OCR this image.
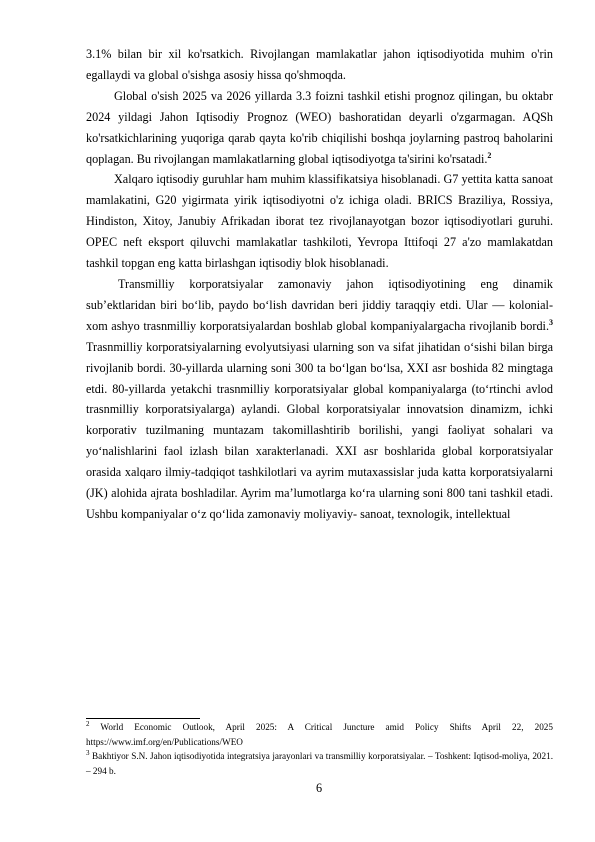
3.1% bilan bir xil ko'rsatkich. Rivojlangan mamlakatlar jahon iqtisodiyotida muhim o'rin egallaydi va global o'sishga asosiy hissa qo'shmoqda.

Global o'sish 2025 va 2026 yillarda 3.3 foizni tashkil etishi prognoz qilingan, bu oktabr 2024 yildagi Jahon Iqtisodiy Prognoz (WEO) bashoratidan deyarli o'zgarmagan. AQSh ko'rsatkichlarining yuqoriga qarab qayta ko'rib chiqilishi boshqa joylarning pastroq baholarini qoplagan. Bu rivojlangan mamlakatlarning global iqtisodiyotga ta'sirini ko'rsatadi.$^2$

Xalqaro iqtisodiy guruhlar ham muhim klassifikatsiya hisoblanadi. G7 yettita katta sanoat mamlakatini, G20 yigirmata yirik iqtisodiyotni o'z ichiga oladi. BRICS Braziliya, Rossiya, Hindiston, Xitoy, Janubiy Afrikadan iborat tez rivojlanayotgan bozor iqtisodiyotlari guruhi. OPEC neft eksport qiluvchi mamlakatlar tashkiloti, Yevropa Ittifoqi 27 a'zo mamlakatdan tashkil topgan eng katta birlashgan iqtisodiy blok hisoblanadi.

Transmilliy korporatsiyalar zamonaviy jahon iqtisodiyotining eng dinamik sub’ektlaridan biri bo‘lib, paydo bo‘lish davridan beri jiddiy taraqqiy etdi. Ular — kolonial-xom ashyo trasnmilliy korporatsiyalardan boshlab global kompaniyalargacha rivojlanib bordi.$^3$ Trasnmilliy korporatsiyalarning evolyutsiyasi ularning son va sifat jihatidan o‘sishi bilan birga rivojlanib bordi. 30-yillarda ularning soni 300 ta bo‘lgan bo‘lsa, XXI asr boshida 82 mingtaga etdi. 80-yillarda yetakchi trasnmilliy korporatsiyalar global kompaniyalarga (to‘rtinchi avlod trasnmilliy korporatsiyalarga) aylandi. Global korporatsiyalar innovatsion dinamizm, ichki korporativ tuzilmaning muntazam takomillashtirib borilishi, yangi faoliyat sohalari va yo‘nalishlarini faol izlash bilan xarakterlanadi. XXI asr boshlarida global korporatsiyalar orasida xalqaro ilmiy-tadqiqot tashkilotlari va ayrim mutaxassislar juda katta korporatsiyalarni (JK) alohida ajrata boshladilar. Ayrim ma’lumotlarga ko‘ra ularning soni 800 tani tashkil etadi. Ushbu kompaniyalar o‘z qo‘lida zamonaviy moliyaviy- sanoat, texnologik, intellektual

$^2$ World Economic Outlook, April 2025: A Critical Juncture amid Policy Shifts April 22, 2025 https://www.imf.org/en/Publications/WEO

$^3$ Bakhtiyor S.N. Jahon iqtisodiyotida integratsiya jarayonlari va transmilliy korporatsiyalar. – Toshkent: Iqtisod-moliya, 2021. – 294 b.

6
